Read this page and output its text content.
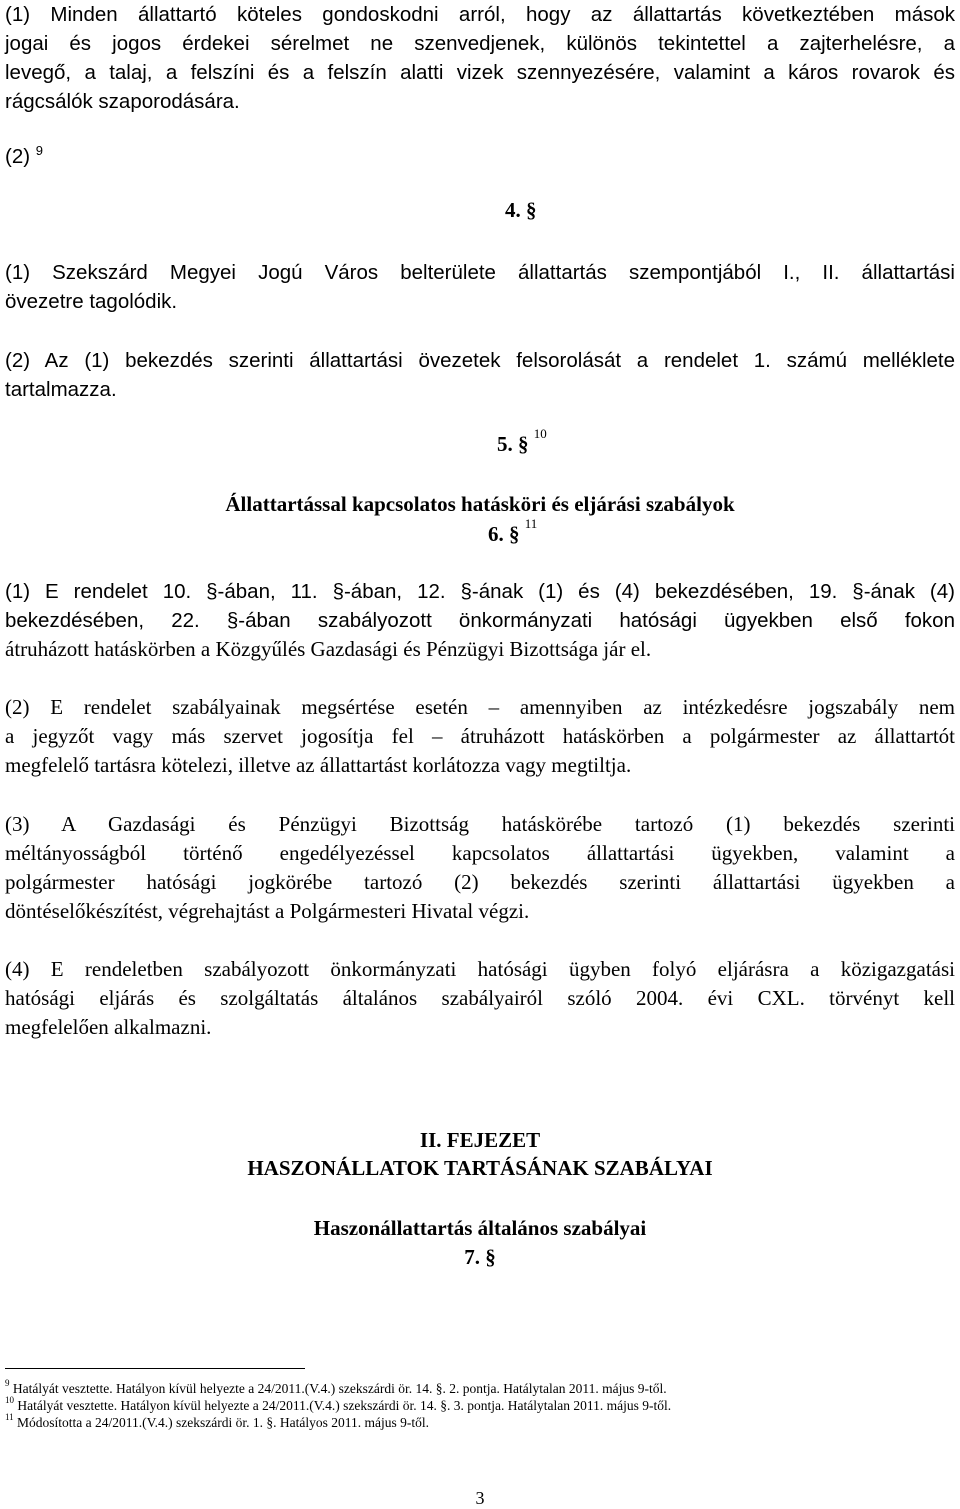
(1) Minden állattartó köteles gondoskodni arról, hogy az állattartás következtében mások

jogai és jogos érdekei sérelmet ne szenvedjenek, különös tekintettel a zajterhelésre, a

levegő, a talaj, a felszíni és a felszín alatti vizek szennyezésére, valamint a káros rovarok és

rágcsálók szaporodására.

(2) $^9$

4. §

(1) Szekszárd Megyei Jogú Város belterülete állattartás szempontjából I., II. állattartási

övezetre tagolódik.

(2) Az (1) bekezdés szerinti állattartási övezetek felsorolását a rendelet 1. számú melléklete

tartalmazza.

5. § $^{10}$

Állattartással kapcsolatos hatásköri és eljárási szabályok

6. § $^{11}$

(1) E rendelet 10. §-ában, 11. §-ában, 12. §-ának (1) és (4) bekezdésében, 19. §-ának (4)

bekezdésében, 22. §-ában szabályozott önkormányzati hatósági ügyekben első fokon

átruházott hatáskörben a Közgyűlés Gazdasági és Pénzügyi Bizottsága jár el.

(2) E rendelet szabályainak megsértése esetén – amennyiben az intézkedésre jogszabály nem

a jegyzőt vagy más szervet jogosítja fel – átruházott hatáskörben a polgármester az állattartót

megfelelő tartásra kötelezi, illetve az állattartást korlátozza vagy megtiltja.

(3) A Gazdasági és Pénzügyi Bizottság hatáskörébe tartozó (1) bekezdés szerinti

méltányosságból történő engedélyezéssel kapcsolatos állattartási ügyekben, valamint a

polgármester hatósági jogkörébe tartozó (2) bekezdés szerinti állattartási ügyekben a

döntéselőkészítést, végrehajtást a Polgármesteri Hivatal végzi.

(4) E rendeletben szabályozott önkormányzati hatósági ügyben folyó eljárásra a közigazgatási

hatósági eljárás és szolgáltatás általános szabályairól szóló 2004. évi CXL. törvényt kell

megfelelően alkalmazni.

II. FEJEZET

HASZONÁLLATOK TARTÁSÁNAK SZABÁLYAI

Haszonállattartás általános szabályai

7. §

$^9$ Hatályát vesztette. Hatályon kívül helyezte a 24/2011.(V.4.) szekszárdi ör. 14. §. 2. pontja. Hatálytalan 2011. május 9-től.

$^{10}$ Hatályát vesztette. Hatályon kívül helyezte a 24/2011.(V.4.) szekszárdi ör. 14. §. 3. pontja. Hatálytalan 2011. május 9-től.

$^{11}$ Módosította a 24/2011.(V.4.) szekszárdi ör. 1. §. Hatályos 2011. május 9-től.

3
